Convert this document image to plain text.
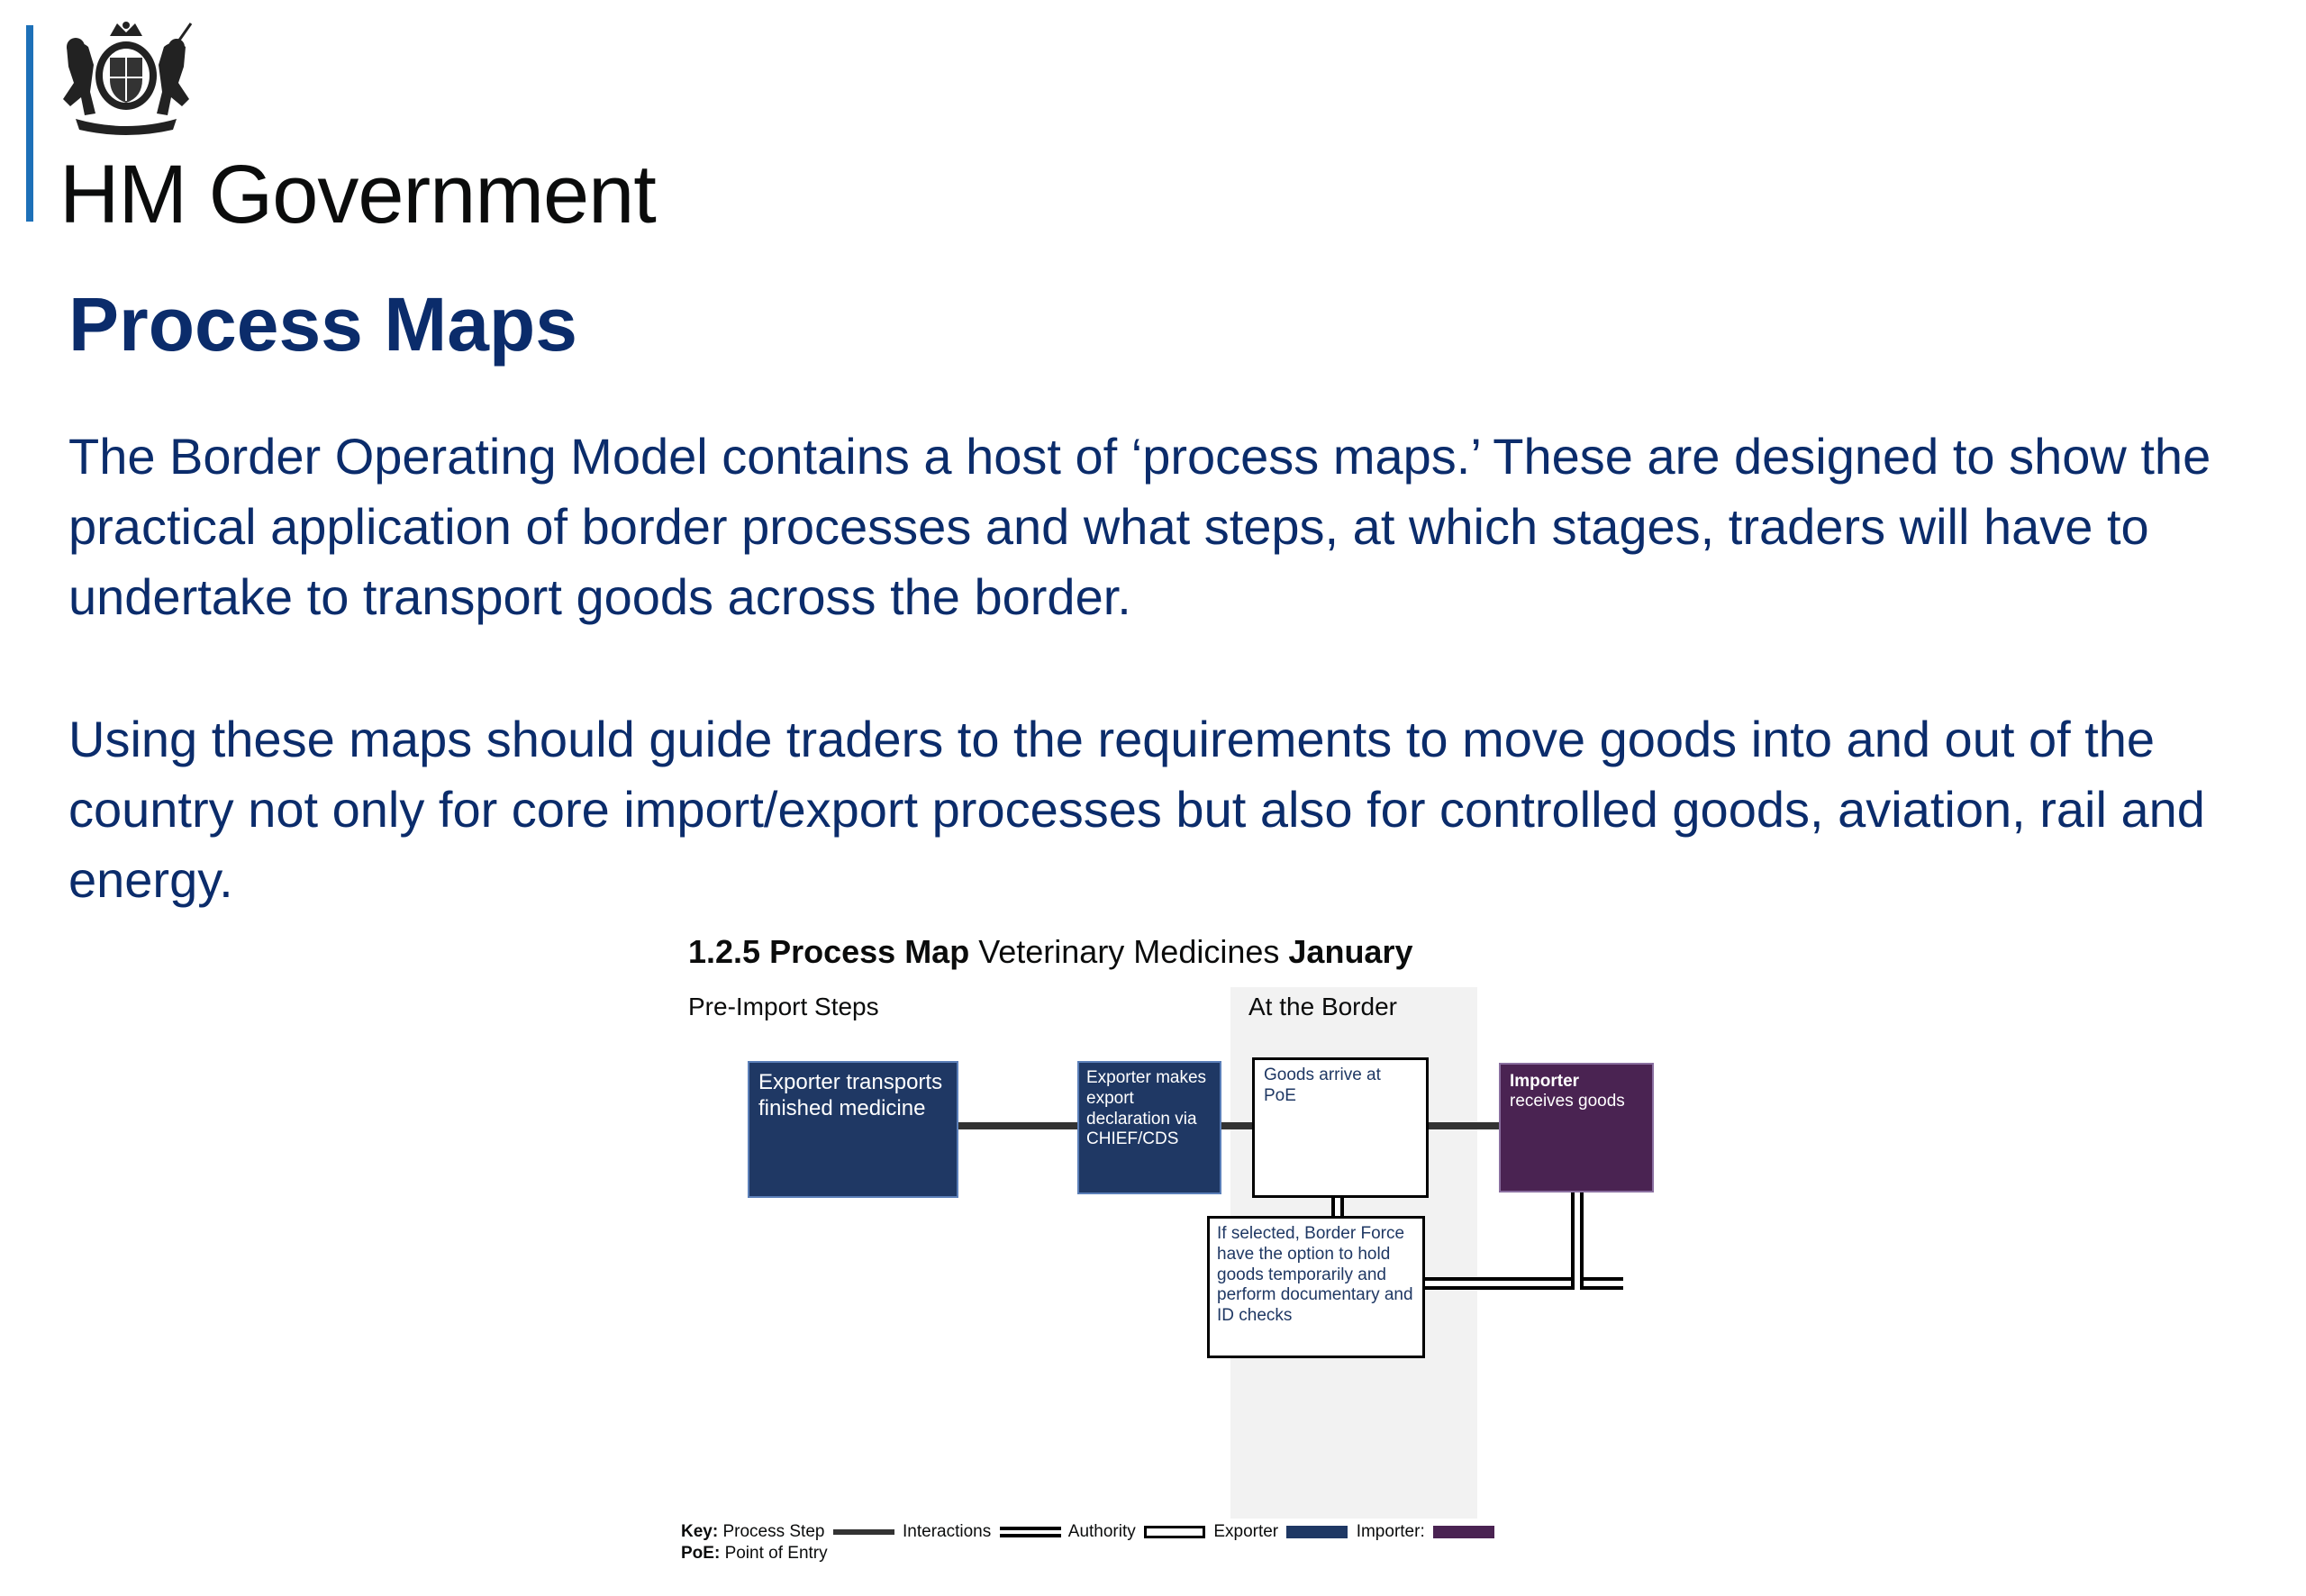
HM Government
Process Maps
The Border Operating Model contains a host of ‘process maps.’ These are designed to show the practical application of border processes and what steps, at which stages, traders will have to undertake to transport goods across the border.
Using these maps should guide traders to the requirements to move goods into and out of the country not only for core import/export processes but also for controlled goods, aviation, rail and energy.
1.2.5 Process Map Veterinary Medicines January
Pre-Import Steps	At the Border
Exporter transports finished medicine
Exporter makes export declaration via CHIEF/CDS
Goods arrive at PoE
Importer
receives goods
If selected, Border Force have the option to hold goods temporarily and perform documentary and ID checks
Key: Process Step	Interactions	Authority	Exporter	Importer:
PoE: Point of Entry
